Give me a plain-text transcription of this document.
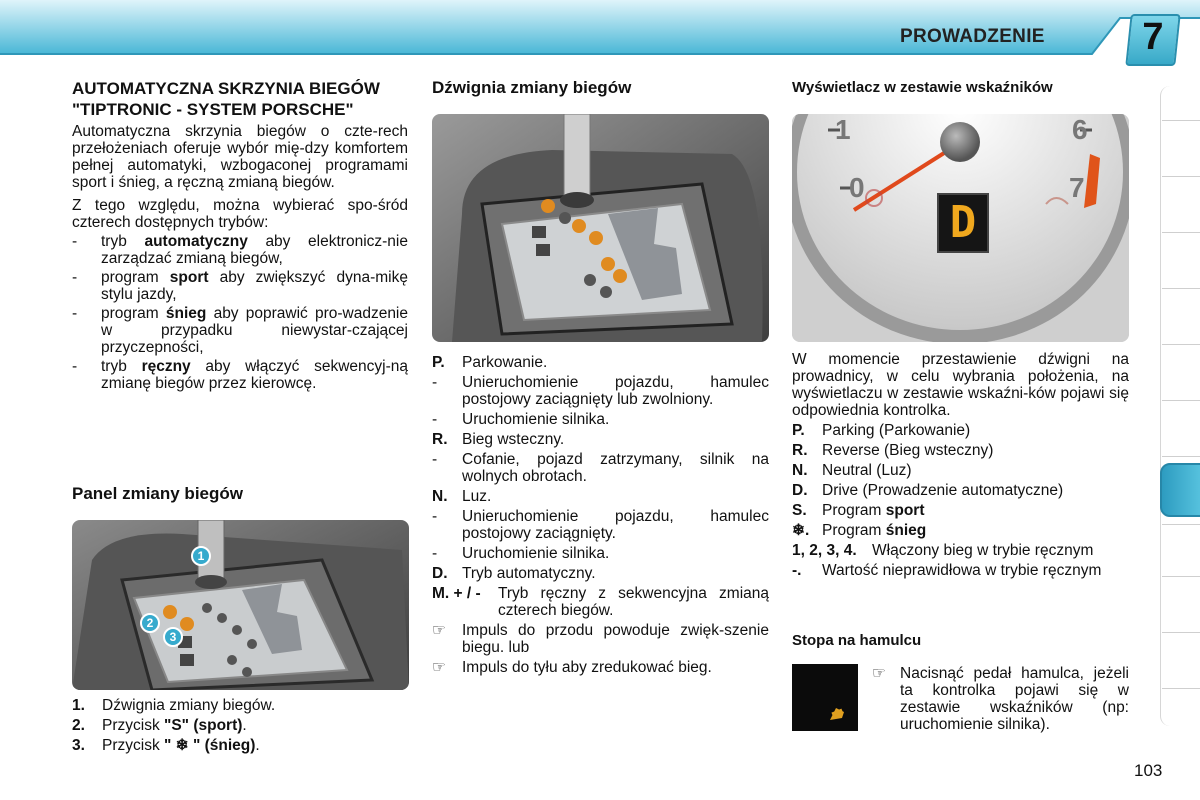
PROWADZENIE	7
AUTOMATYCZNA SKRZYNIA BIEGÓW "TIPTRONIC - SYSTEM PORSCHE"
Automatyczna skrzynia biegów o czte-rech przełożeniach oferuje wybór mię-dzy komfortem pełnej automatyki, wzbogaconej programami sport i śnieg, a ręczną zmianą biegów.
Z tego względu, można wybierać spo-śród czterech dostępnych trybów:
-	tryb automatyczny aby elektronicz-nie zarządzać zmianą biegów,
-	program sport aby zwiększyć dyna-mikę stylu jazdy,
-	program śnieg aby poprawić pro-wadzenie w przypadku niewystar-czającej przyczepności,
-	tryb ręczny aby włączyć sekwencyj-ną zmianę biegów przez kierowcę.
Panel zmiany biegów
1
2
3
1.	Dźwignia zmiany biegów.
2.	Przycisk "S" (sport).
3.	Przycisk " ❄ " (śnieg).
Dźwignia zmiany biegów
P.	Parkowanie.
-	Unieruchomienie pojazdu, hamulec postojowy zaciągnięty lub zwolniony.
-	Uruchomienie silnika.
R. Bieg wsteczny.
-	Cofanie, pojazd zatrzymany, silnik na wolnych obrotach.
N. Luz.
-	Unieruchomienie pojazdu, hamulec postojowy zaciągnięty.
-	Uruchomienie silnika.
D. Tryb automatyczny.
M. + / -	Tryb ręczny z sekwencyjna zmianą czterech biegów.
☞	Impuls do przodu powoduje zwięk-szenie biegu. lub
☞	Impuls do tyłu aby zredukować bieg.
Wyświetlacz w zestawie wskaźników
1
0
6
7
D
W momencie przestawienie dźwigni na prowadnicy, w celu wybrania położenia, na wyświetlaczu w zestawie wskaźni-ków pojawi się odpowiednia kontrolka.
P.	Parking (Parkowanie)
R. Reverse (Bieg wsteczny)
N. Neutral (Luz)
D. Drive (Prowadzenie automatyczne)
S. Program sport
❄. Program śnieg
1, 2, 3, 4. Włączony bieg w trybie ręcznym
-.	Wartość nieprawidłowa w trybie ręcznym
Stopa na hamulcu
☞ Nacisnąć pedał hamulca, jeżeli ta kontrolka pojawi się w zestawie wskaźników (np: uruchomienie silnika).
103
